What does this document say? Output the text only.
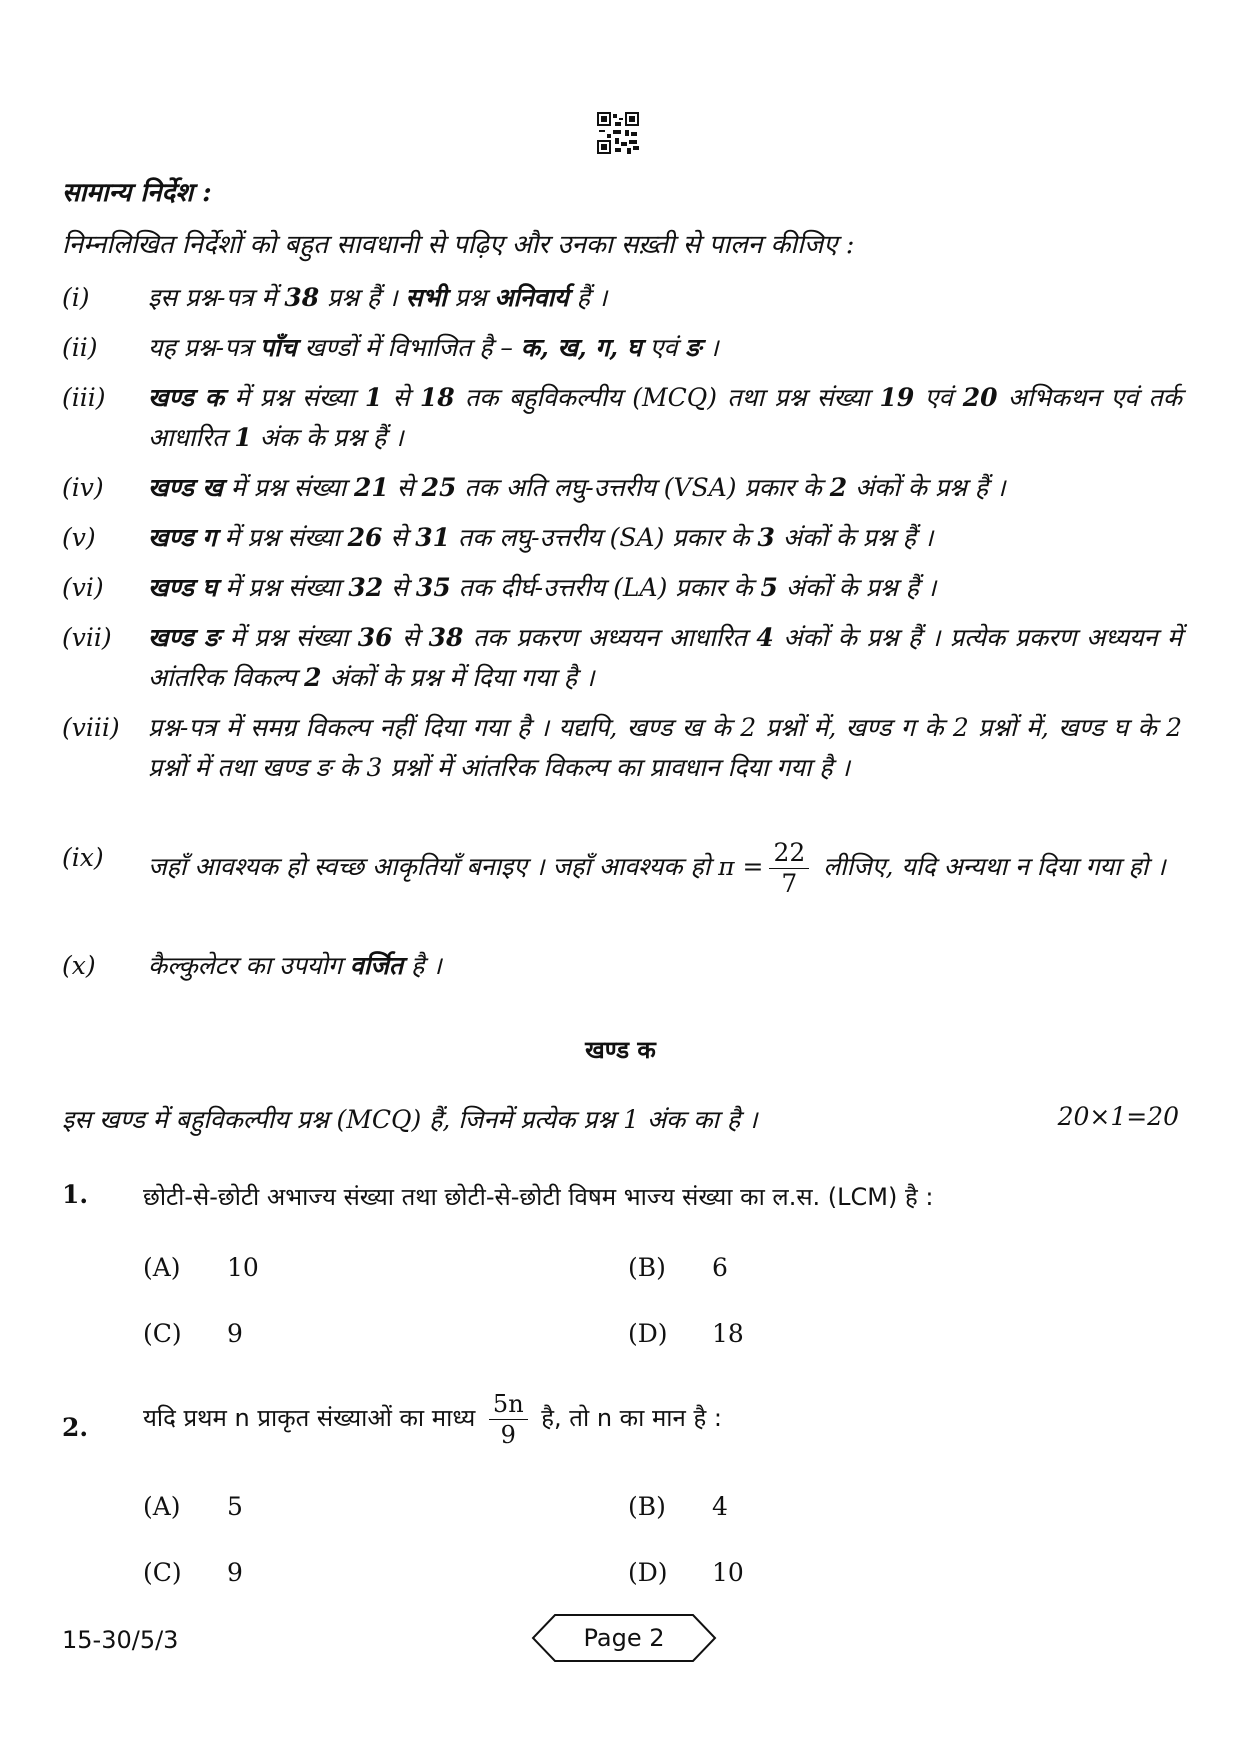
सामान्य निर्देश :
निम्नलिखित निर्देशों को बहुत सावधानी से पढ़िए और उनका सख़्ती से पालन कीजिए :
(i)	इस प्रश्न-पत्र में 38 प्रश्न हैं । सभी प्रश्न अनिवार्य हैं ।
(ii)	यह प्रश्न-पत्र पाँच खण्डों में विभाजित है – क, ख, ग, घ एवं ङ ।
(iii)	खण्ड क में प्रश्न संख्या 1 से 18 तक बहुविकल्पीय (MCQ) तथा प्रश्न संख्या 19 एवं 20 अभिकथन एवं तर्क आधारित 1 अंक के प्रश्न हैं ।
(iv)	खण्ड ख में प्रश्न संख्या 21 से 25 तक अति लघु-उत्तरीय (VSA) प्रकार के 2 अंकों के प्रश्न हैं ।
(v)	खण्ड ग में प्रश्न संख्या 26 से 31 तक लघु-उत्तरीय (SA) प्रकार के 3 अंकों के प्रश्न हैं ।
(vi)	खण्ड घ में प्रश्न संख्या 32 से 35 तक दीर्घ-उत्तरीय (LA) प्रकार के 5 अंकों के प्रश्न हैं ।
(vii)	खण्ड ङ में प्रश्न संख्या 36 से 38 तक प्रकरण अध्ययन आधारित 4 अंकों के प्रश्न हैं । प्रत्येक प्रकरण अध्ययन में आंतरिक विकल्प 2 अंकों के प्रश्न में दिया गया है ।
(viii)	प्रश्न-पत्र में समग्र विकल्प नहीं दिया गया है । यद्यपि, खण्ड ख के 2 प्रश्नों में, खण्ड ग के 2 प्रश्नों में, खण्ड घ के 2 प्रश्नों में तथा खण्ड ङ के 3 प्रश्नों में आंतरिक विकल्प का प्रावधान दिया गया है ।
(ix)	जहाँ आवश्यक हो स्वच्छ आकृतियाँ बनाइए । जहाँ आवश्यक हो $\pi = \frac{22}{7}$ लीजिए, यदि अन्यथा न दिया गया हो ।
(x)	कैल्कुलेटर का उपयोग वर्जित है ।
खण्ड क
इस खण्ड में बहुविकल्पीय प्रश्न (MCQ) हैं, जिनमें प्रत्येक प्रश्न 1 अंक का है ।	20×1=20
1. छोटी-से-छोटी अभाज्य संख्या तथा छोटी-से-छोटी विषम भाज्य संख्या का ल.स. (LCM) है :
(A) 10	(B) 6
(C) 9	(D) 18
2. यदि प्रथम n प्राकृत संख्याओं का माध्य $\frac{5n}{9}$ है, तो n का मान है :
(A) 5	(B) 4
(C) 9	(D) 10
15-30/5/3	Page 2
